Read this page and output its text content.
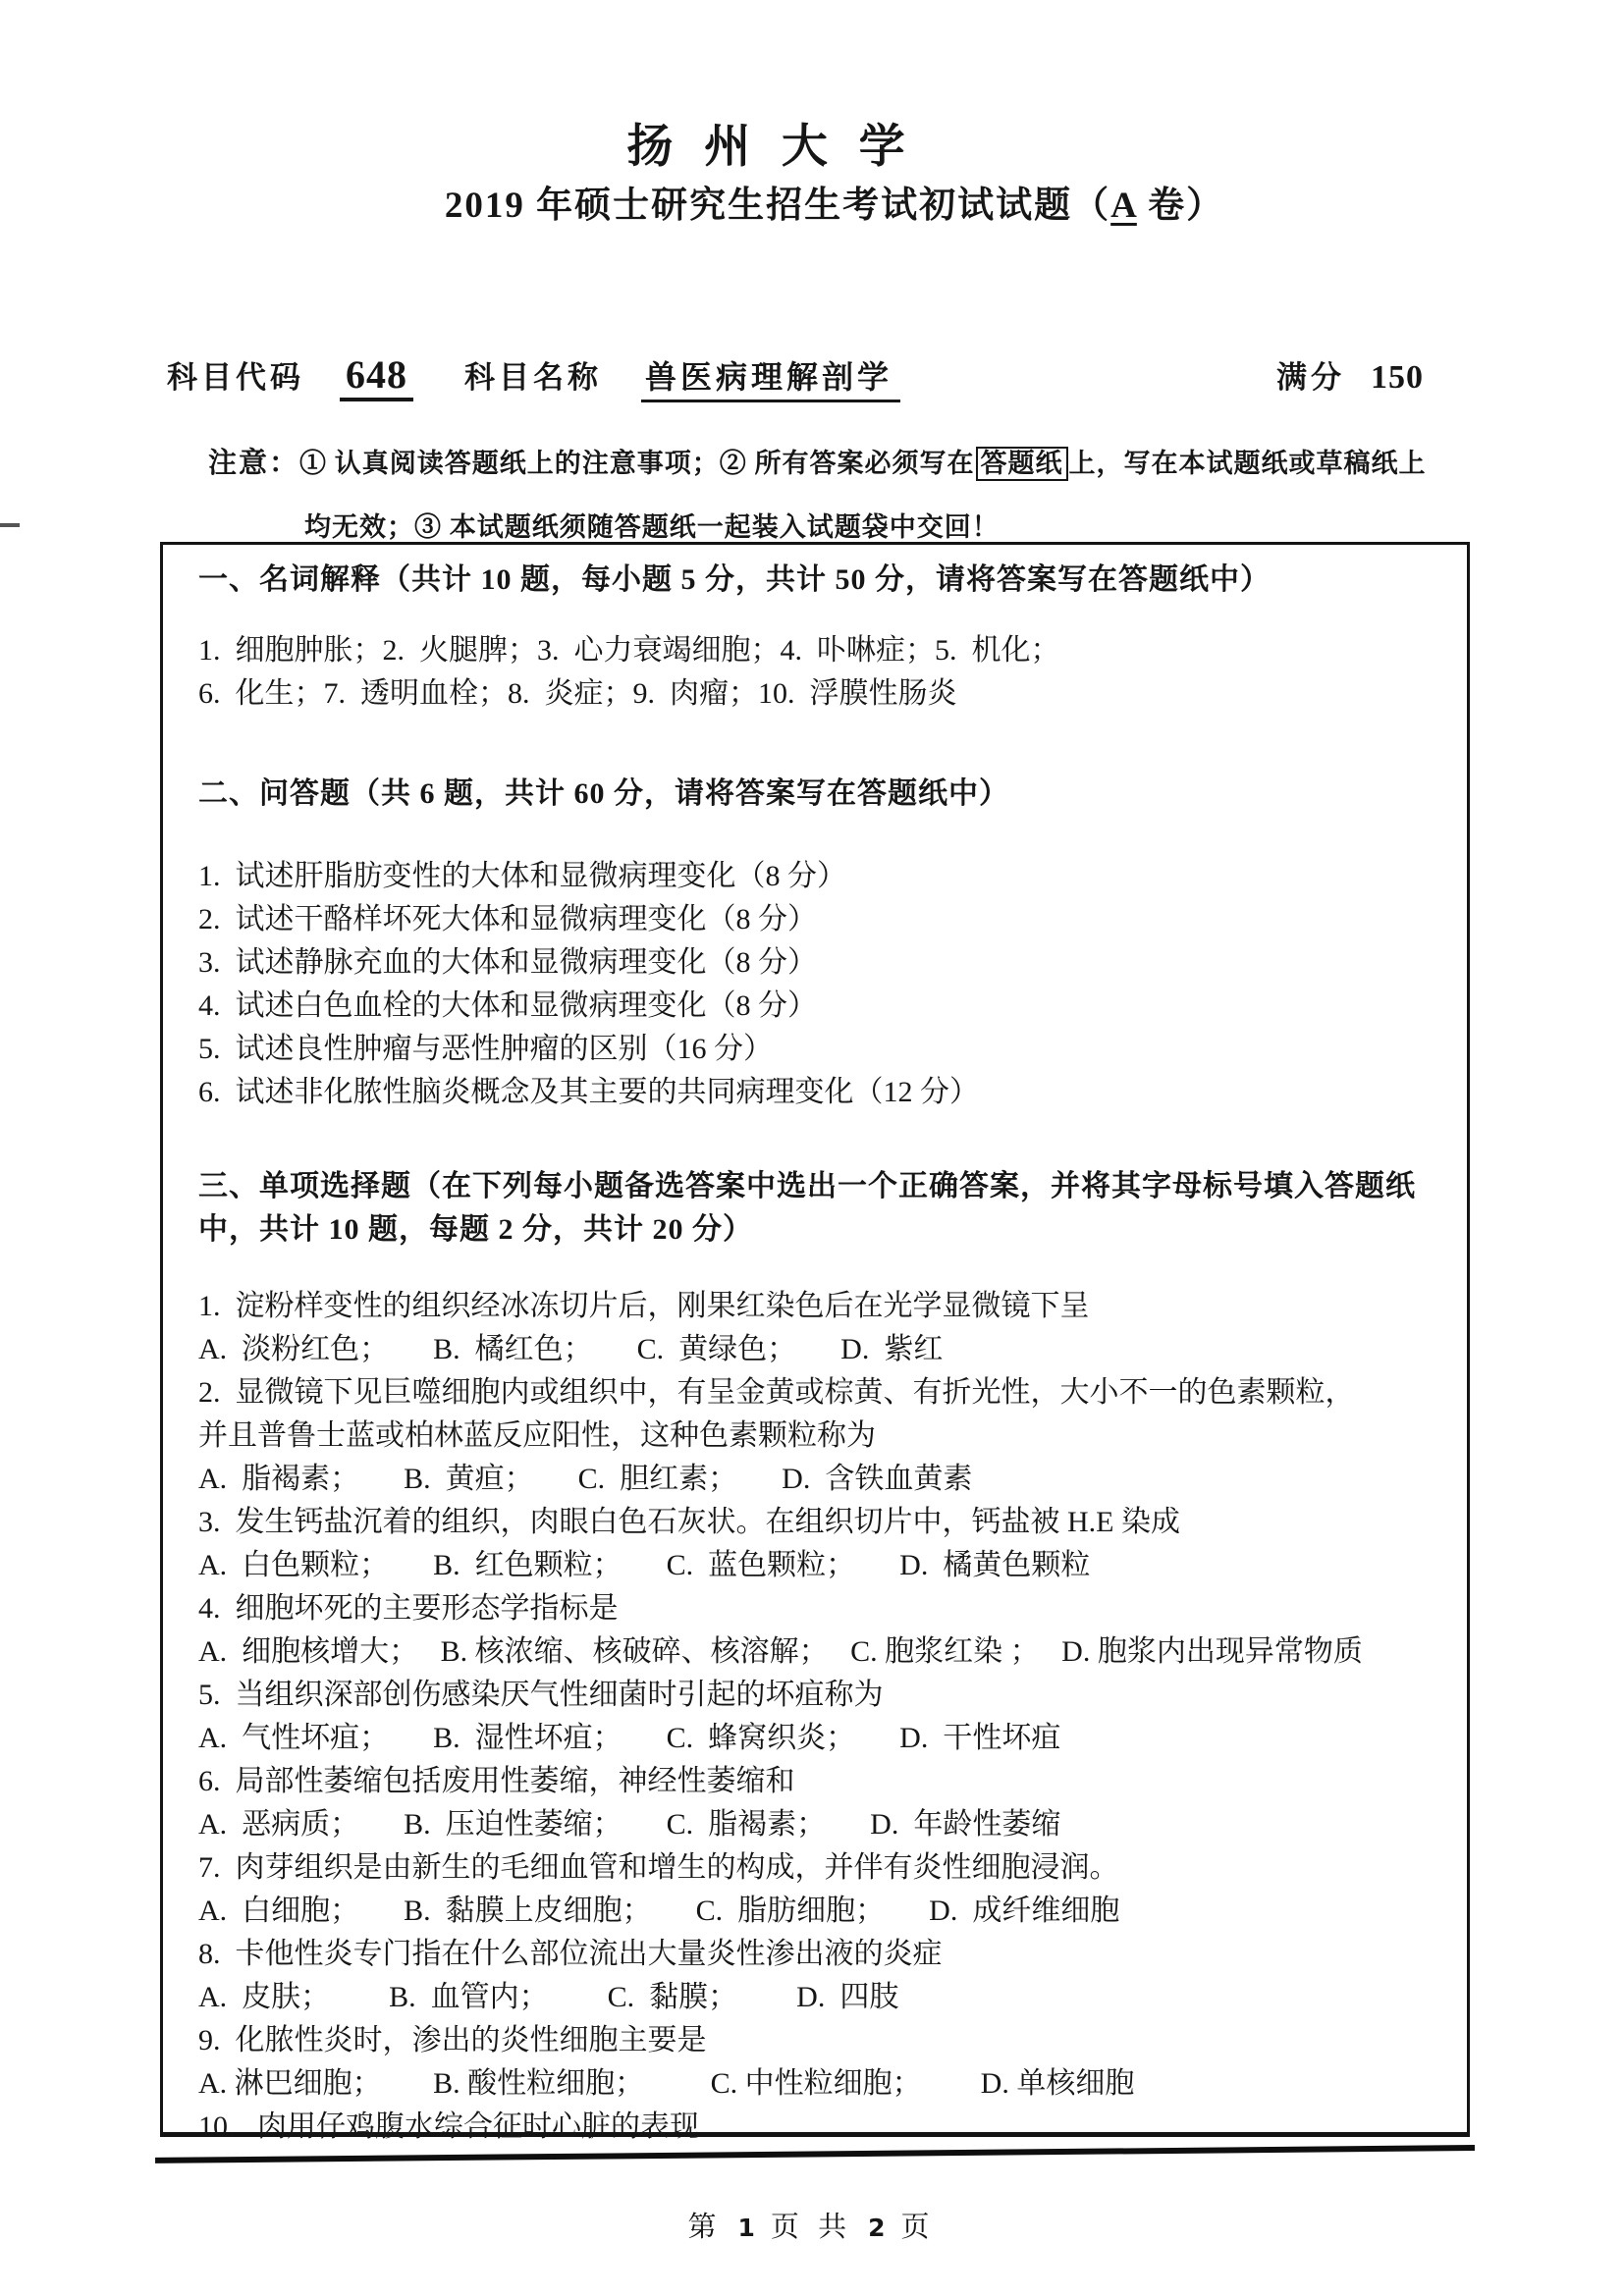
扬 州 大 学
2019 年硕士研究生招生考试初试试题（A 卷）
科目代码 648 科目名称 兽医病理解剖学	满分 150
注意：① 认真阅读答题纸上的注意事项；② 所有答案必须写在 答题纸 上，写在本试题纸或草稿纸上
均无效；③ 本试题纸须随答题纸一起装入试题袋中交回！

一、名词解释（共计 10 题，每小题 5 分，共计 50 分，请将答案写在答题纸中）

1.  细胞肿胀；2.  火腿脾；3.  心力衰竭细胞；4.  卟啉症；5.  机化；

6.  化生；7.  透明血栓；8.  炎症；9.  肉瘤；10.  浮膜性肠炎

二、问答题（共 6 题，共计 60 分，请将答案写在答题纸中）

1.  试述肝脂肪变性的大体和显微病理变化（8 分）

2.  试述干酪样坏死大体和显微病理变化（8 分）

3.  试述静脉充血的大体和显微病理变化（8 分）

4.  试述白色血栓的大体和显微病理变化（8 分）

5.  试述良性肿瘤与恶性肿瘤的区别（16 分）

6.  试述非化脓性脑炎概念及其主要的共同病理变化（12 分）

三、单项选择题（在下列每小题备选答案中选出一个正确答案，并将其字母标号填入答题纸中，共计 10 题，每题 2 分，共计 20 分）

1.  淀粉样变性的组织经冰冻切片后，刚果红染色后在光学显微镜下呈

A.  淡粉红色；      B.  橘红色；      C.  黄绿色；      D.  紫红

2.  显微镜下见巨噬细胞内或组织中，有呈金黄或棕黄、有折光性，大小不一的色素颗粒，

并且普鲁士蓝或柏林蓝反应阳性，这种色素颗粒称为

A.  脂褐素；      B.  黄疸；      C.  胆红素；      D.  含铁血黄素

3.  发生钙盐沉着的组织，肉眼白色石灰状。在组织切片中，钙盐被 H.E 染成

A.  白色颗粒；      B.  红色颗粒；      C.  蓝色颗粒；      D.  橘黄色颗粒

4.  细胞坏死的主要形态学指标是

A.  细胞核增大；   B. 核浓缩、核破碎、核溶解；   C. 胞浆红染 ；   D. 胞浆内出现异常物质

5.  当组织深部创伤感染厌气性细菌时引起的坏疽称为

A.  气性坏疽；      B.  湿性坏疽；      C.  蜂窝织炎；      D.  干性坏疽

6.  局部性萎缩包括废用性萎缩，神经性萎缩和

A.  恶病质；      B.  压迫性萎缩；      C.  脂褐素；      D.  年龄性萎缩

7.  肉芽组织是由新生的毛细血管和增生的构成，并伴有炎性细胞浸润。

A.  白细胞；      B.  黏膜上皮细胞；      C.  脂肪细胞；      D.  成纤维细胞

8.  卡他性炎专门指在什么部位流出大量炎性渗出液的炎症

A.  皮肤；        B.  血管内；        C.  黏膜；        D.  四肢

9.  化脓性炎时，渗出的炎性细胞主要是

A. 淋巴细胞；       B. 酸性粒细胞；         C. 中性粒细胞；        D. 单核细胞

10.   肉用仔鸡腹水综合征时心脏的表现

第 1 页 共 2 页
